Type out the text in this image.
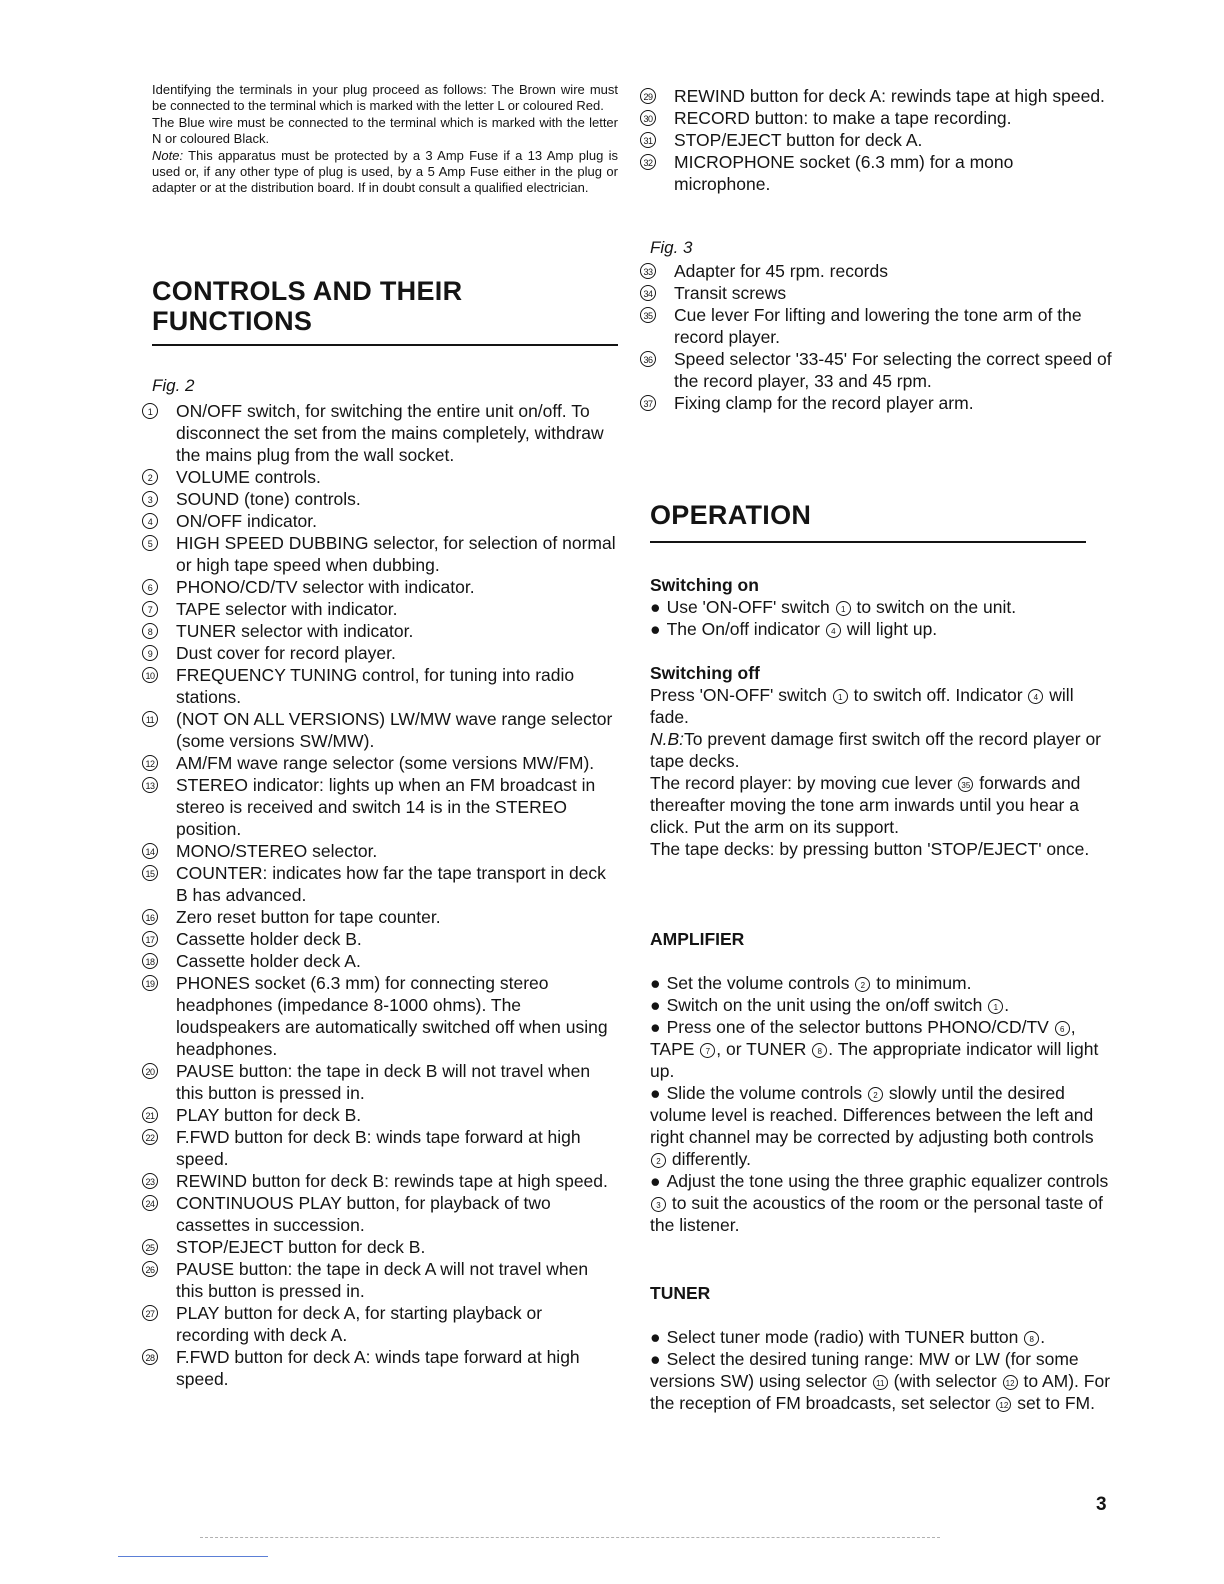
Identifying the terminals in your plug proceed as follows: The Brown wire must be connected to the terminal which is marked with the letter L or coloured Red.

The Blue wire must be connected to the terminal which is marked with the letter N or coloured Black.

Note: This apparatus must be protected by a 3 Amp Fuse if a 13 Amp plug is used or, if any other type of plug is used, by a 5 Amp Fuse either in the plug or adapter or at the distribution board. If in doubt consult a qualified electrician.

CONTROLS AND THEIR FUNCTIONS

Fig. 2

1	ON/OFF switch, for switching the entire unit on/off. To disconnect the set from the mains completely, withdraw the mains plug from the wall socket.
2	VOLUME controls.
3	SOUND (tone) controls.
4	ON/OFF indicator.
5	HIGH SPEED DUBBING selector, for selection of normal or high tape speed when dubbing.
6	PHONO/CD/TV selector with indicator.
7	TAPE selector with indicator.
8	TUNER selector with indicator.
9	Dust cover for record player.
10 FREQUENCY TUNING control, for tuning into radio stations.
11 (NOT ON ALL VERSIONS) LW/MW wave range selector (some versions SW/MW).
12 AM/FM wave range selector (some versions MW/FM).
13 STEREO indicator: lights up when an FM broadcast in stereo is received and switch 14 is in the STEREO position.
14 MONO/STEREO selector.
15 COUNTER: indicates how far the tape transport in deck B has advanced.
16 Zero reset button for tape counter.
17 Cassette holder deck B.
18 Cassette holder deck A.
19 PHONES socket (6.3 mm) for connecting stereo headphones (impedance 8-1000 ohms). The loudspeakers are automatically switched off when using headphones.
20 PAUSE button: the tape in deck B will not travel when this button is pressed in.
21 PLAY button for deck B.
22 F.FWD button for deck B: winds tape forward at high speed.
23 REWIND button for deck B: rewinds tape at high speed.
24 CONTINUOUS PLAY button, for playback of two cassettes in succession.
25 STOP/EJECT button for deck B.
26 PAUSE button: the tape in deck A will not travel when this button is pressed in.
27 PLAY button for deck A, for starting playback or recording with deck A.
28 F.FWD button for deck A: winds tape forward at high speed.
29 REWIND button for deck A: rewinds tape at high speed.
30 RECORD button: to make a tape recording.
31 STOP/EJECT button for deck A.
32 MICROPHONE socket (6.3 mm) for a mono microphone.

Fig. 3

33 Adapter for 45 rpm. records
34 Transit screws
35 Cue lever For lifting and lowering the tone arm of the record player.
36 Speed selector '33-45' For selecting the correct speed of the record player, 33 and 45 rpm.
37 Fixing clamp for the record player arm.
OPERATION

Switching on

● Use 'ON-OFF' switch 1 to switch on the unit.

● The On/off indicator 4 will light up.

Switching off

Press 'ON-OFF' switch 1 to switch off. Indicator 4 will fade.

N.B:To prevent damage first switch off the record player or tape decks.

The record player: by moving cue lever 35 forwards and thereafter moving the tone arm inwards until you hear a click. Put the arm on its support.

The tape decks: by pressing button 'STOP/EJECT' once.

AMPLIFIER

● Set the volume controls 2 to minimum.

● Switch on the unit using the on/off switch 1 .

● Press one of the selector buttons PHONO/CD/TV 6 , TAPE 7 , or TUNER 8 . The appropriate indicator will light up.

● Slide the volume controls 2 slowly until the desired volume level is reached. Differences between the left and right channel may be corrected by adjusting both controls 2 differently.

● Adjust the tone using the three graphic equalizer controls 3 to suit the acoustics of the room or the personal taste of the listener.

TUNER

● Select tuner mode (radio) with TUNER button 8 .

● Select the desired tuning range: MW or LW (for some versions SW) using selector 11 (with selector 12 to AM). For the reception of FM broadcasts, set selector 12 set to FM.

3
